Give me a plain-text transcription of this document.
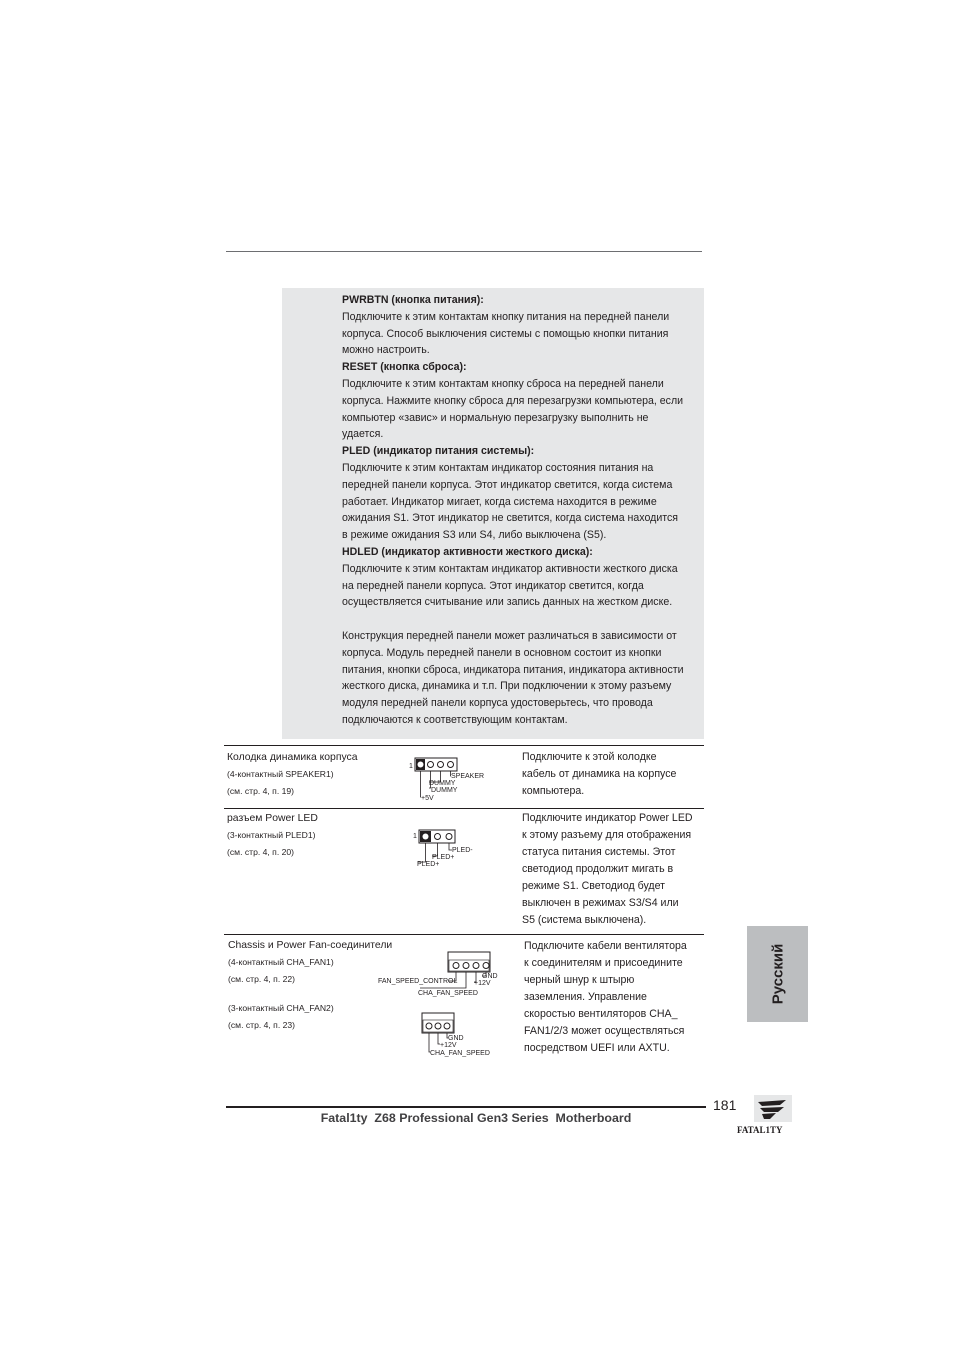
PWRBTN (кнопка питания):
Подключите к этим контактам кнопку питания на передней панели
корпуса. Способ выключения системы с помощью кнопки питания
можно настроить.
RESET (кнопка сброса):
Подключите к этим контактам кнопку сброса на передней панели
корпуса. Нажмите кнопку сброса для перезагрузки компьютера, если
компьютер «завис» и нормальную перезагрузку выполнить не
удается.
PLED (индикатор питания системы):
Подключите к этим контактам индикатор состояния питания на
передней панели корпуса. Этот индикатор светится, когда система
работает. Индикатор мигает, когда система находится в режиме
ожидания S1. Этот индикатор не светится, когда система находится
в режиме ожидания S3 или S4, либо выключена (S5).
HDLED (индикатор активности жесткого диска):
Подключите к этим контактам индикатор активности жесткого диска
на передней панели корпуса. Этот индикатор светится, когда
осуществляется считывание или запись данных на жестком диске.
Конструкция передней панели может различаться в зависимости от
корпуса. Модуль передней панели в основном состоит из кнопки
питания, кнопки сброса, индикатора питания, индикатора активности
жесткого диска, динамика и т.п. При подключении к этому разъему
модуля передней панели корпуса удостоверьтесь, что провода
подключаются к соответствующим контактам.
Колодка динамика корпуса
(4-контактный SPEAKER1)
(см. стр. 4, п. 19)
1
SPEAKER
DUMMY
DUMMY
+5V
Подключите к этой колодке
кабель от динамика на корпусе
компьютера.
разъем Power LED
(3-контактный PLED1)
(см. стр. 4, п. 20)
1
PLED-
PLED+
PLED+
Подключите индикатор Power LED
к этому разъему для отображения
статуса питания системы. Этот
светодиод продолжит мигать в
режиме S1. Светодиод будет
выключен в режимах S3/S4 или
S5 (система выключена).
Chassis и Power Fan-соединители
(4-контактный CHA_FAN1)
(см. стр. 4, п. 22)
(3-контактный CHA_FAN2)
(см. стр. 4, п. 23)
FAN_SPEED_CONTROL
GND
+12V
CHA_FAN_SPEED
GND
+12V
CHA_FAN_SPEED
Подключите кабели вентилятора
к соединителям и присоедините
черный шнур к штырю
заземления. Управление
скоростью вентиляторов CHA_
FAN1/2/3 может осуществляться
посредством UEFI или AXTU.
Русский
181
Fatal1ty  Z68 Professional Gen3 Series  Motherboard
FATAL1TY
